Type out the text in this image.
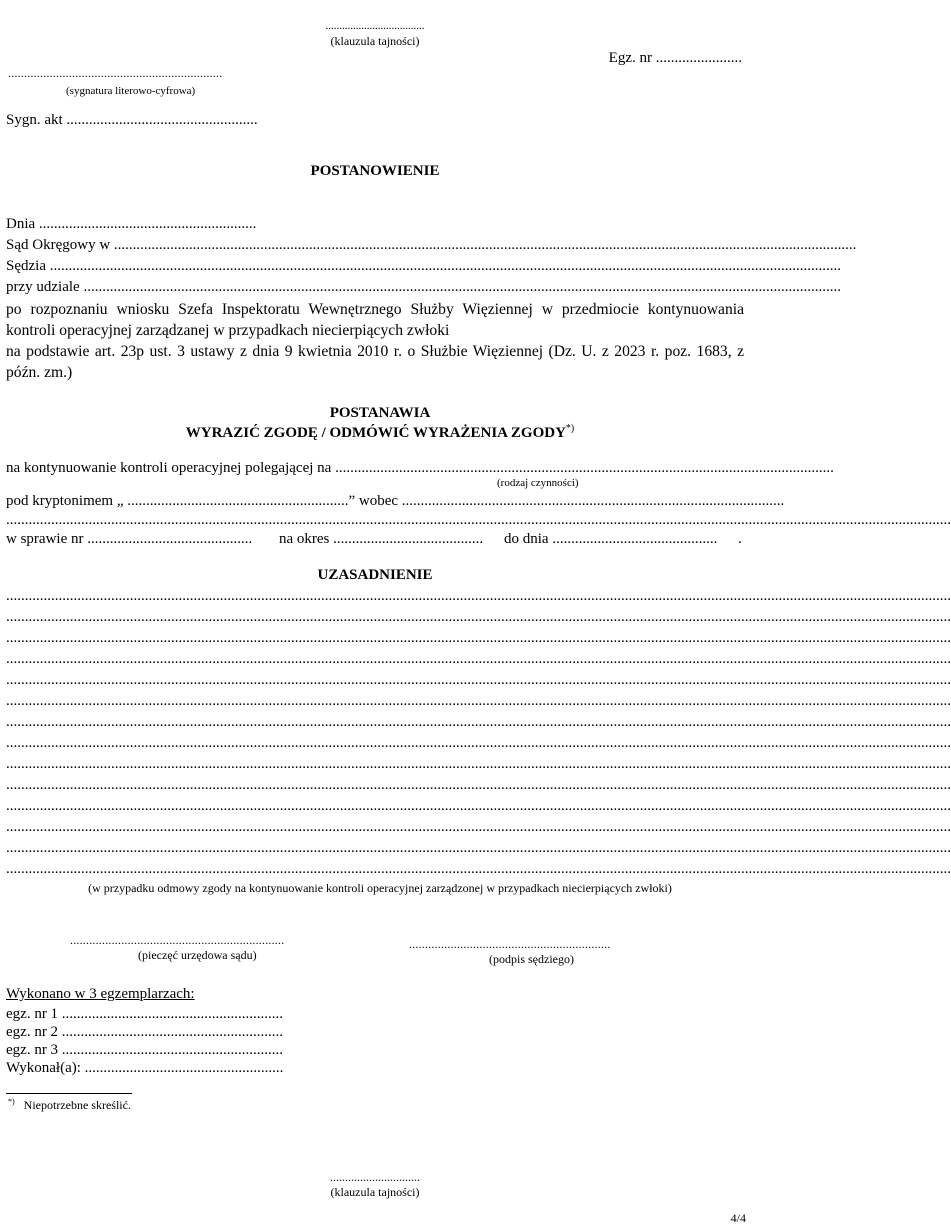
....................................
(klauzula tajności)
Egz. nr .......................
...................................................................
(sygnatura literowo-cyfrowa)
Sygn. akt ...................................................
POSTANOWIENIE
Dnia ..........................................................
Sąd Okręgowy w ......................................................................................................................................................................................................
Sędzia ...................................................................................................................................................................................................................
przy udziale ..........................................................................................................................................................................................................
po rozpoznaniu wniosku Szefa Inspektoratu Wewnętrznego Służby Więziennej w przedmiocie kontynuowania kontroli operacyjnej zarządzanej w przypadkach niecierpiących zwłoki
na podstawie art. 23p ust. 3 ustawy z dnia 9 kwietnia 2010 r. o Służbie Więziennej (Dz. U. z 2023 r. poz. 1683, z późn. zm.)
POSTANAWIA
WYRAZIĆ ZGODĘ / ODMÓWIĆ WYRAŻENIA ZGODY*)
na kontynuowanie kontroli operacyjnej polegającej na .....................................................................................................................................
(rodzaj czynności)
pod kryptonimem „ ...........................................................” wobec ......................................................................................................
............................................................................................................................................................................................................................................................
w sprawie nr ............................................ na okres ........................................ do dnia ............................................ .
UZASADNIENIE
............................................................................................................................................................................................................................................................
............................................................................................................................................................................................................................................................
............................................................................................................................................................................................................................................................
............................................................................................................................................................................................................................................................
............................................................................................................................................................................................................................................................
............................................................................................................................................................................................................................................................
............................................................................................................................................................................................................................................................
............................................................................................................................................................................................................................................................
............................................................................................................................................................................................................................................................
............................................................................................................................................................................................................................................................
............................................................................................................................................................................................................................................................
............................................................................................................................................................................................................................................................
............................................................................................................................................................................................................................................................
............................................................................................................................................................................................................................................................
(w przypadku odmowy zgody na kontynuowanie kontroli operacyjnej zarządzonej w przypadkach niecierpiących zwłoki)
...................................................................
(pieczęć urzędowa sądu)
...............................................................
(podpis sędziego)
Wykonano w 3 egzemplarzach:
egz. nr 1 ...........................................................
egz. nr 2 ...........................................................
egz. nr 3 ...........................................................
Wykonał(a): .....................................................
*) Niepotrzebne skreślić.
..............................
(klauzula tajności)
4/4
